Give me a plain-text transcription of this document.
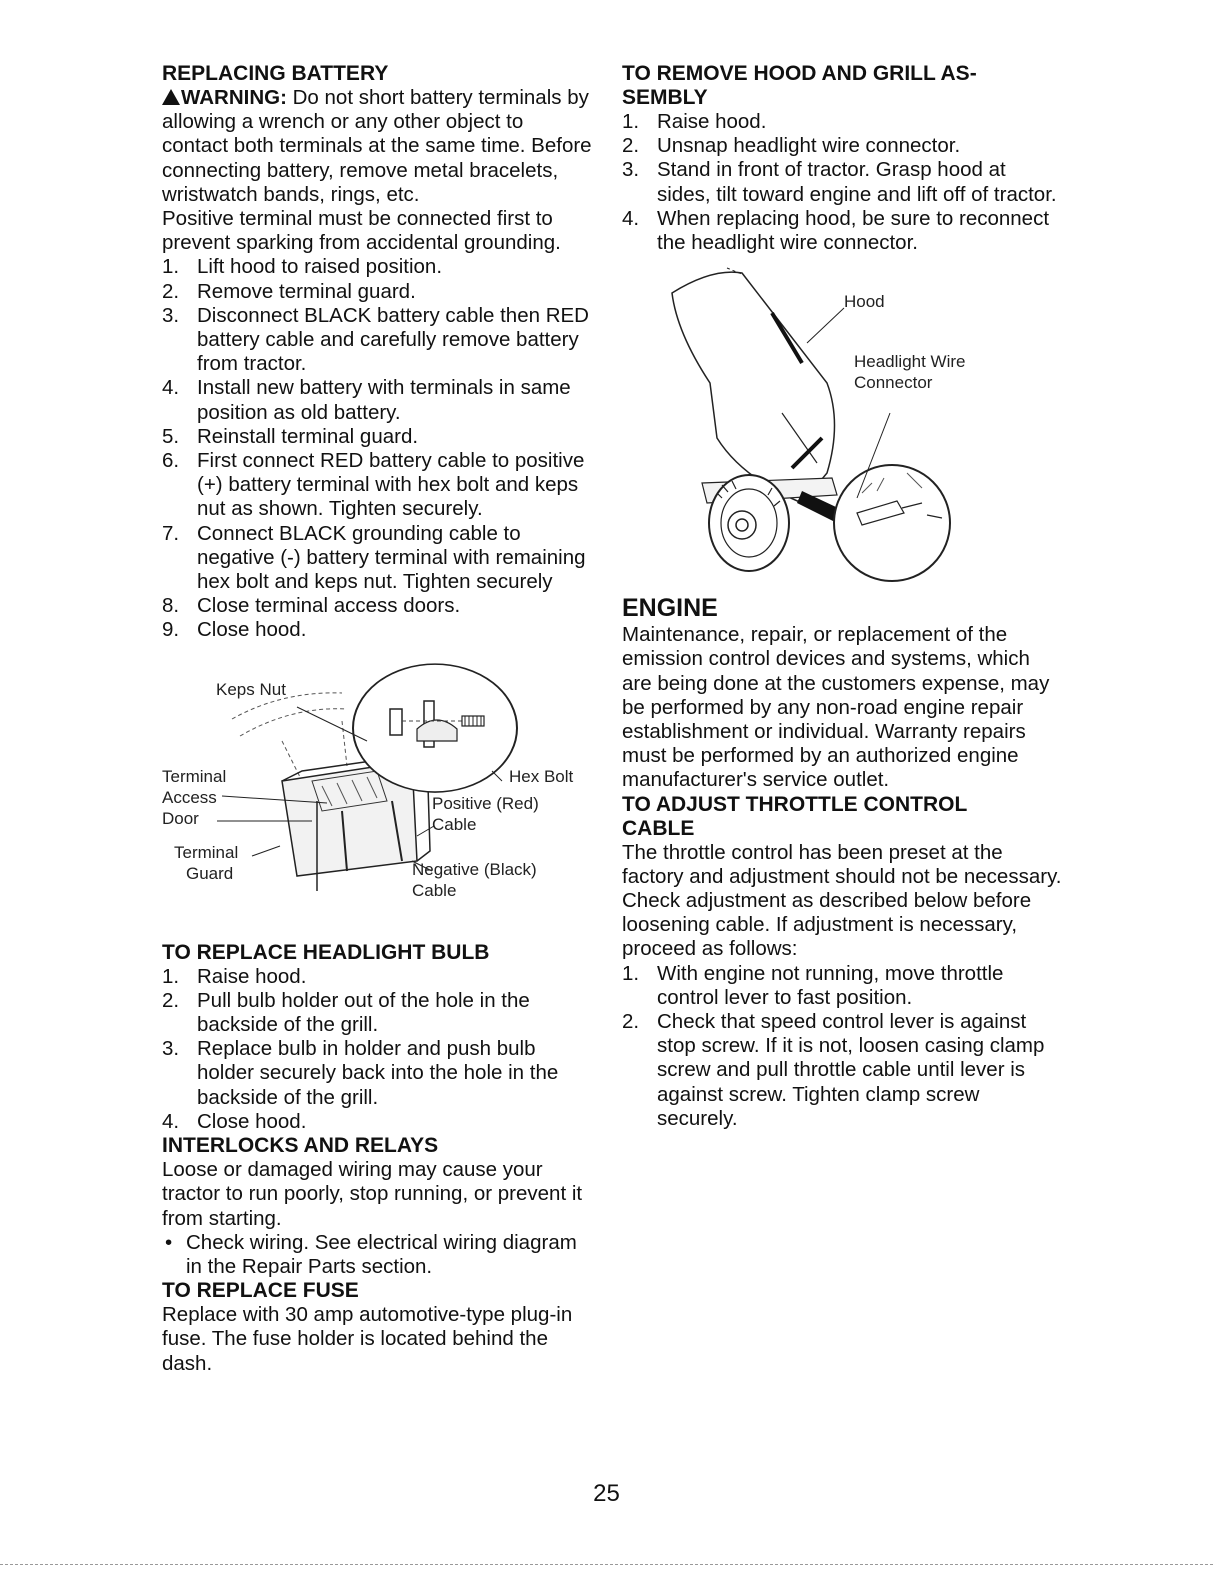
REPLACING BATTERY

WARNING: Do not short battery terminals by allowing a wrench or any other object to contact both terminals at the same time. Before connecting battery, remove metal bracelets, wristwatch bands, rings, etc.

Positive terminal must be connected first to prevent sparking from accidental grounding.

1. Lift hood to raised position.
2. Remove terminal guard.
3. Disconnect BLACK battery cable then RED battery cable and carefully remove battery from tractor.
4. Install new battery with terminals in same position as old battery.
5. Reinstall terminal guard.
6. First connect RED battery cable to positive (+) battery terminal with hex bolt and keps nut as shown. Tighten securely.
7. Connect BLACK grounding cable to negative (-) battery terminal with remaining hex bolt and keps nut. Tighten securely
8. Close terminal access doors.
9. Close hood.
Keps Nut
Terminal
Access
Door
Terminal
Guard
Hex Bolt
Positive (Red)
Cable
Negative (Black)
Cable
TO REPLACE HEADLIGHT BULB
1. Raise hood.
2. Pull bulb holder out of the hole in the backside of the grill.
3. Replace bulb in holder and push bulb holder securely back into the hole in the backside of the grill.
4. Close hood.
INTERLOCKS AND RELAYS

Loose or damaged wiring may cause your tractor to run poorly, stop running, or prevent it from starting.

• Check wiring. See electrical wiring diagram in the Repair Parts section.
TO REPLACE FUSE

Replace with 30 amp automotive-type plug-in fuse. The fuse holder is located behind the dash.

TO REMOVE HOOD AND GRILL AS-
SEMBLY
1. Raise hood.
2. Unsnap headlight wire connector.
3. Stand in front of tractor. Grasp hood at sides, tilt toward engine and lift off of tractor.
4. When replacing hood, be sure to reconnect the headlight wire connector.
Hood
Headlight Wire
Connector
ENGINE

Maintenance, repair, or replacement of the emission control devices and systems, which are being done at the customers expense, may be performed by any non-road engine repair establishment or individual. Warranty repairs must be performed by an authorized engine manufacturer's service outlet.

TO ADJUST THROTTLE CONTROL
CABLE

The throttle control has been preset at the factory and adjustment should not be necessary. Check adjustment as described below before loosening cable. If adjustment is necessary, proceed as follows:

1. With engine not running, move throttle control lever to fast position.
2. Check that speed control lever is against stop screw. If it is not, loosen casing clamp screw and pull throttle cable until lever is against screw. Tighten clamp screw securely.
25
